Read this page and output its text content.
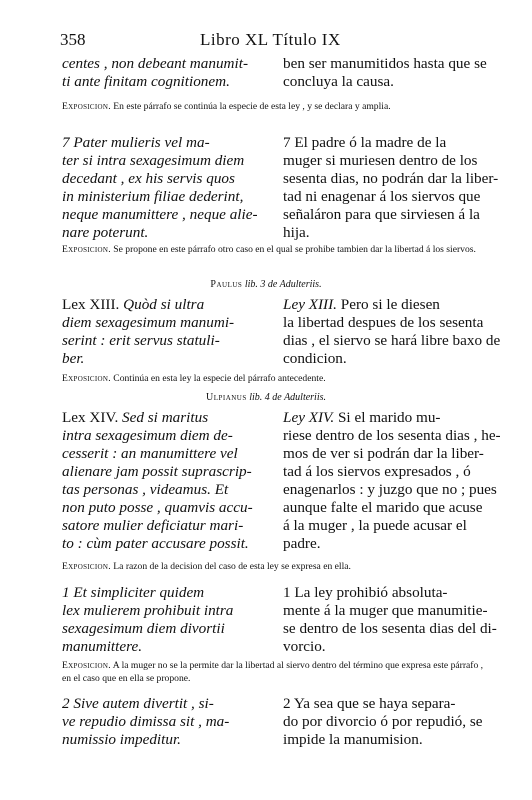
358	Libro XL Título IX
centes , non debeant manumit-
ti ante finitam cognitionem.
ben ser manumitidos hasta que se
concluya la causa.
Exposicion. En este párrafo se continúa la especie de esta ley , y se declara y amplia.
7 Pater mulieris vel ma-
ter si intra sexagesimum diem
decedant , ex his servis quos
in ministerium filiae dederint,
neque manumittere , neque alie-
nare poterunt.
7 El padre ó la madre de la
muger si muriesen dentro de los
sesenta dias, no podrán dar la liber-
tad ni enagenar á los siervos que
señaláron para que sirviesen á la
hija.
Exposicion. Se propone en este párrafo otro caso en el qual se prohibe tambien dar la libertad á los siervos.
Paulus lib. 3 de Adulteriis.
Lex XIII. Quòd si ultra
diem sexagesimum manumi-
serint : erit servus statuli-
ber.
Ley XIII. Pero si le diesen
la libertad despues de los sesenta
dias , el siervo se hará libre baxo de
condicion.
Exposicion. Continúa en esta ley la especie del párrafo antecedente.
Ulpianus lib. 4 de Adulteriis.
Lex XIV. Sed si maritus
intra sexagesimum diem de-
cesserit : an manumittere vel
alienare jam possit suprascrip-
tas personas , videamus. Et
non puto posse , quamvis accu-
satore mulier deficiatur mari-
to : cùm pater accusare possit.
Ley XIV. Si el marido mu-
riese dentro de los sesenta dias , he-
mos de ver si podrán dar la liber-
tad á los siervos expresados , ó
enagenarlos : y juzgo que no ; pues
aunque falte el marido que acuse
á la muger , la puede acusar el
padre.
Exposicion. La razon de la decision del caso de esta ley se expresa en ella.
1 Et simpliciter quidem
lex mulierem prohibuit intra
sexagesimum diem divortii
manumittere.
1 La ley prohibió absoluta-
mente á la muger que manumitie-
se dentro de los sesenta dias del di-
vorcio.
Exposicion. A la muger no se la permite dar la libertad al siervo dentro del término que expresa este párrafo , en el caso que en ella se propone.
2 Sive autem divertit , si-
ve repudio dimissa sit , ma-
numissio impeditur.
2 Ya sea que se haya separa-
do por divorcio ó por repudió, se
impide la manumision.
